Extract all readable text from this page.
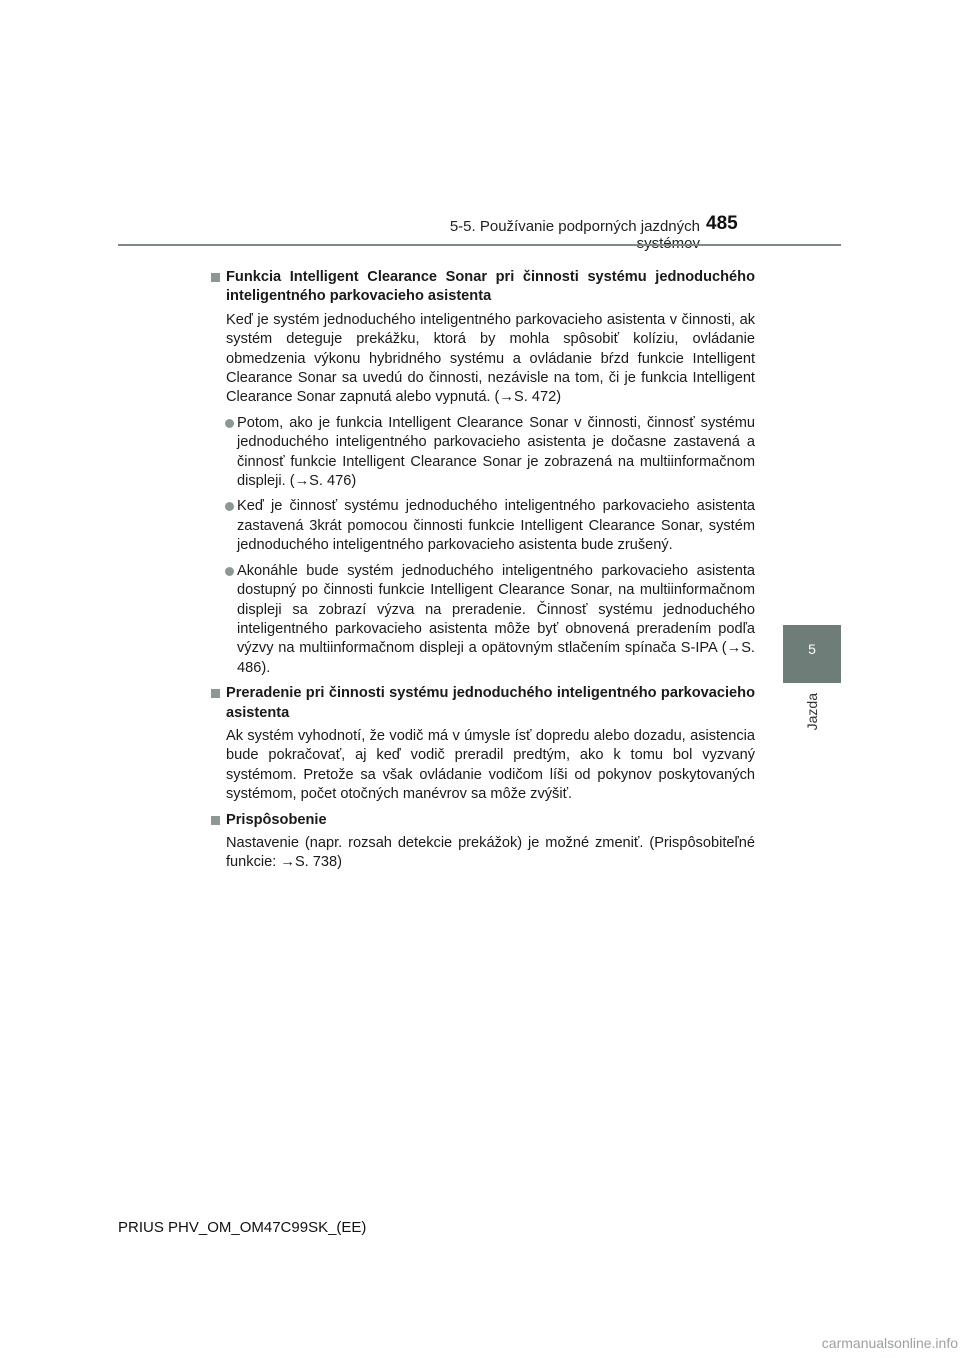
5-5. Používanie podporných jazdných 485
5
Jazda
Funkcia Intelligent Clearance Sonar pri činnosti systému jednoduchého inteligentného parkovacieho asistenta
Keď je systém jednoduchého inteligentného parkovacieho asistenta v činnosti, ak systém deteguje prekážku, ktorá by mohla spôsobiť kolíziu, ovládanie obmedzenia výkonu hybridného systému a ovládanie bŕzd funkcie Intelligent Clearance Sonar sa uvedú do činnosti, nezávisle na tom, či je funkcia Intelligent Clearance Sonar zapnutá alebo vypnutá. (→S. 472)
Potom, ako je funkcia Intelligent Clearance Sonar v činnosti, činnosť systému jednoduchého inteligentného parkovacieho asistenta je dočasne zastavená a činnosť funkcie Intelligent Clearance Sonar je zobrazená na multiinformačnom displeji. (→S. 476)
Keď je činnosť systému jednoduchého inteligentného parkovacieho asistenta zastavená 3krát pomocou činnosti funkcie Intelligent Clearance Sonar, systém jednoduchého inteligentného parkovacieho asistenta bude zrušený.
Akonáhle bude systém jednoduchého inteligentného parkovacieho asistenta dostupný po činnosti funkcie Intelligent Clearance Sonar, na multiinformačnom displeji sa zobrazí výzva na preradenie. Činnosť systému jednoduchého inteligentného parkovacieho asistenta môže byť obnovená preradením podľa výzvy na multiinformačnom displeji a opätovným stlačením spínača S-IPA (→S. 486).
Preradenie pri činnosti systému jednoduchého inteligentného parkovacieho asistenta
Ak systém vyhodnotí, že vodič má v úmysle ísť dopredu alebo dozadu, asistencia bude pokračovať, aj keď vodič preradil predtým, ako k tomu bol vyzvaný systémom. Pretože sa však ovládanie vodičom líši od pokynov poskytovaných systémom, počet otočných manévrov sa môže zvýšiť.
Prispôsobenie
Nastavenie (napr. rozsah detekcie prekážok) je možné zmeniť. (Prispôsobiteľné funkcie: →S. 738)
PRIUS PHV_OM_OM47C99SK_(EE)
carmanualsonline.info
